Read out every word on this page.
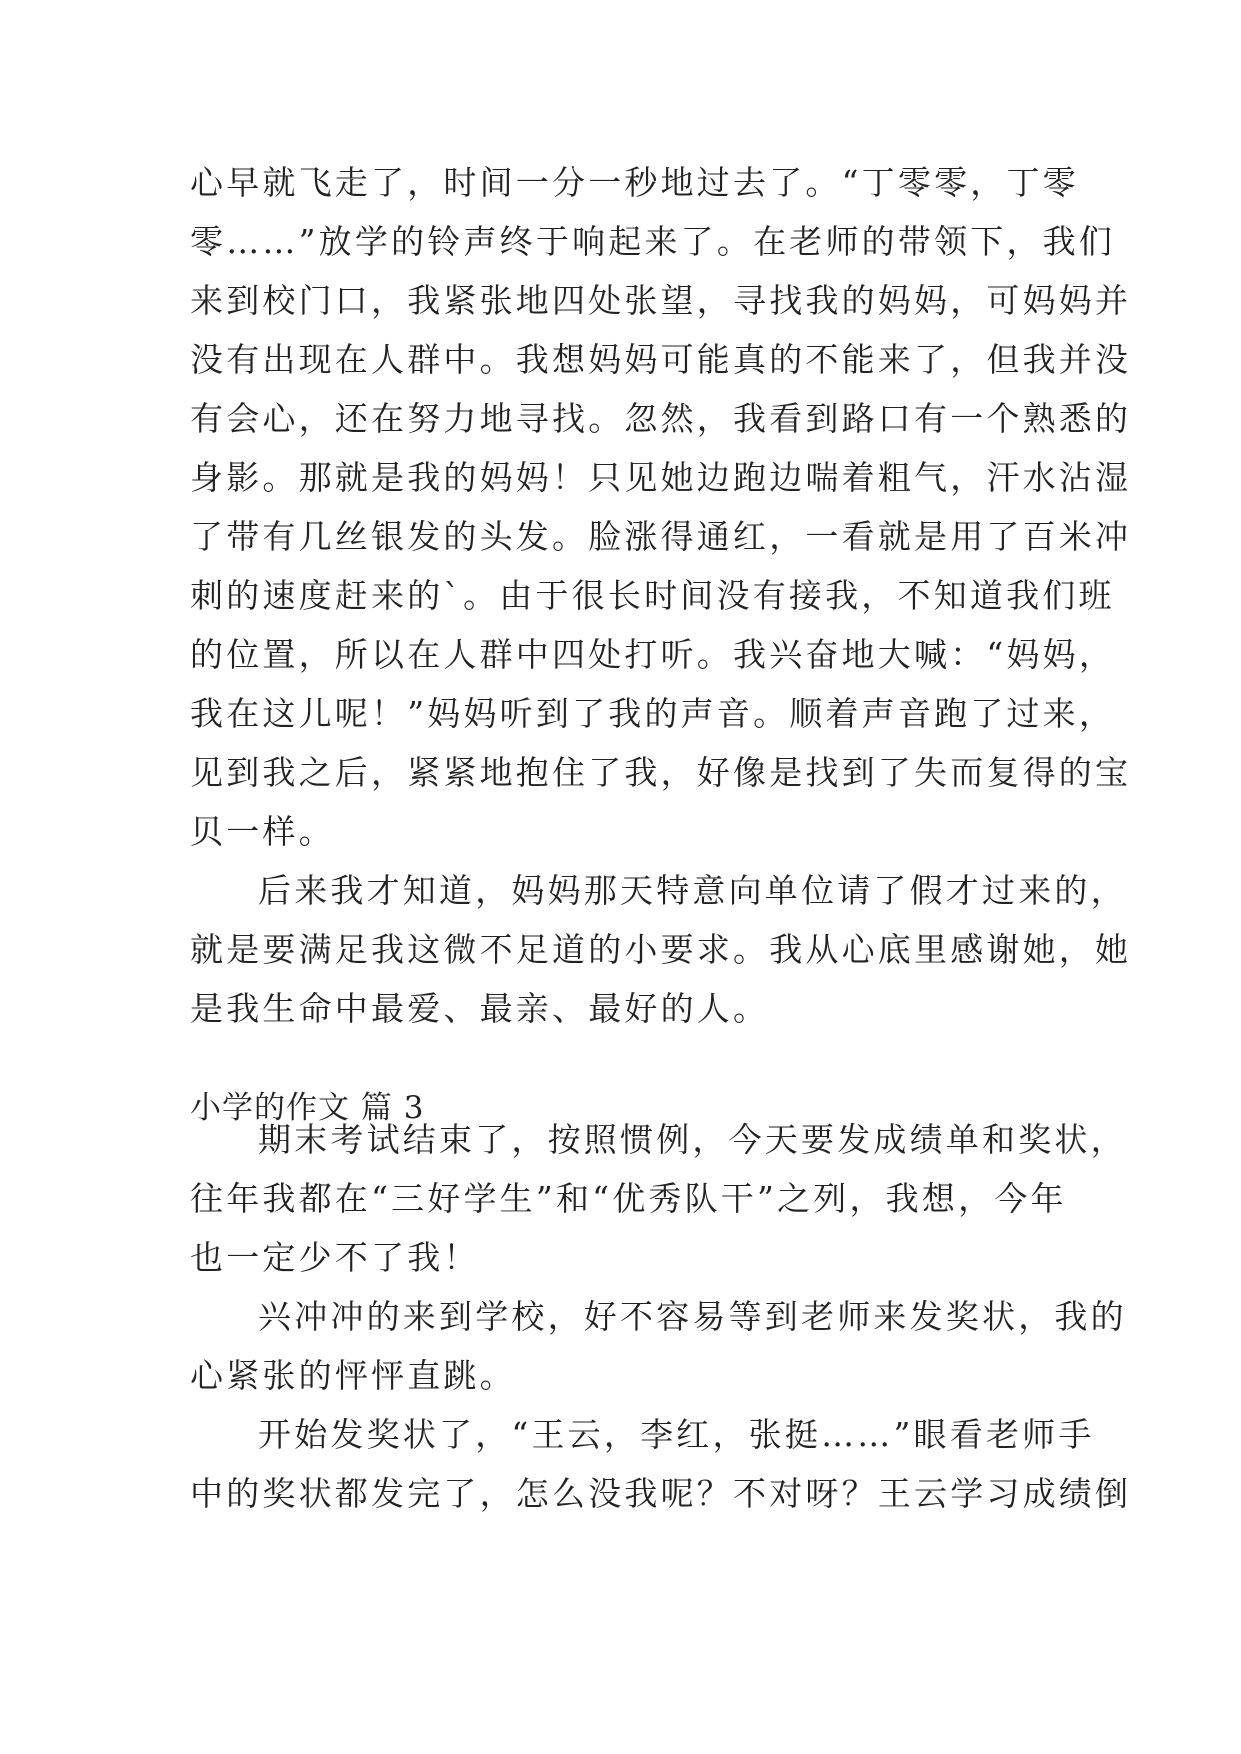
心早就飞走了，时间一分一秒地过去了。“丁零零，丁零
零……”放学的铃声终于响起来了。在老师的带领下，我们
来到校门口，我紧张地四处张望，寻找我的妈妈，可妈妈并
没有出现在人群中。我想妈妈可能真的不能来了，但我并没
有会心，还在努力地寻找。忽然，我看到路口有一个熟悉的
身影。那就是我的妈妈！只见她边跑边喘着粗气，汗水沾湿
了带有几丝银发的头发。脸涨得通红，一看就是用了百米冲
刺的速度赶来的`。由于很长时间没有接我，不知道我们班
的位置，所以在人群中四处打听。我兴奋地大喊：“妈妈，
我在这儿呢！”妈妈听到了我的声音。顺着声音跑了过来，
见到我之后，紧紧地抱住了我，好像是找到了失而复得的宝
贝一样。
后来我才知道，妈妈那天特意向单位请了假才过来的，
就是要满足我这微不足道的小要求。我从心底里感谢她，她
是我生命中最爱、最亲、最好的人。
小学的作文 篇 3
期末考试结束了，按照惯例，今天要发成绩单和奖状，
往年我都在“三好学生”和“优秀队干”之列，我想，今年
也一定少不了我！
兴冲冲的来到学校，好不容易等到老师来发奖状，我的
心紧张的怦怦直跳。
开始发奖状了，“王云，李红，张挺……”眼看老师手
中的奖状都发完了，怎么没我呢？不对呀？王云学习成绩倒
